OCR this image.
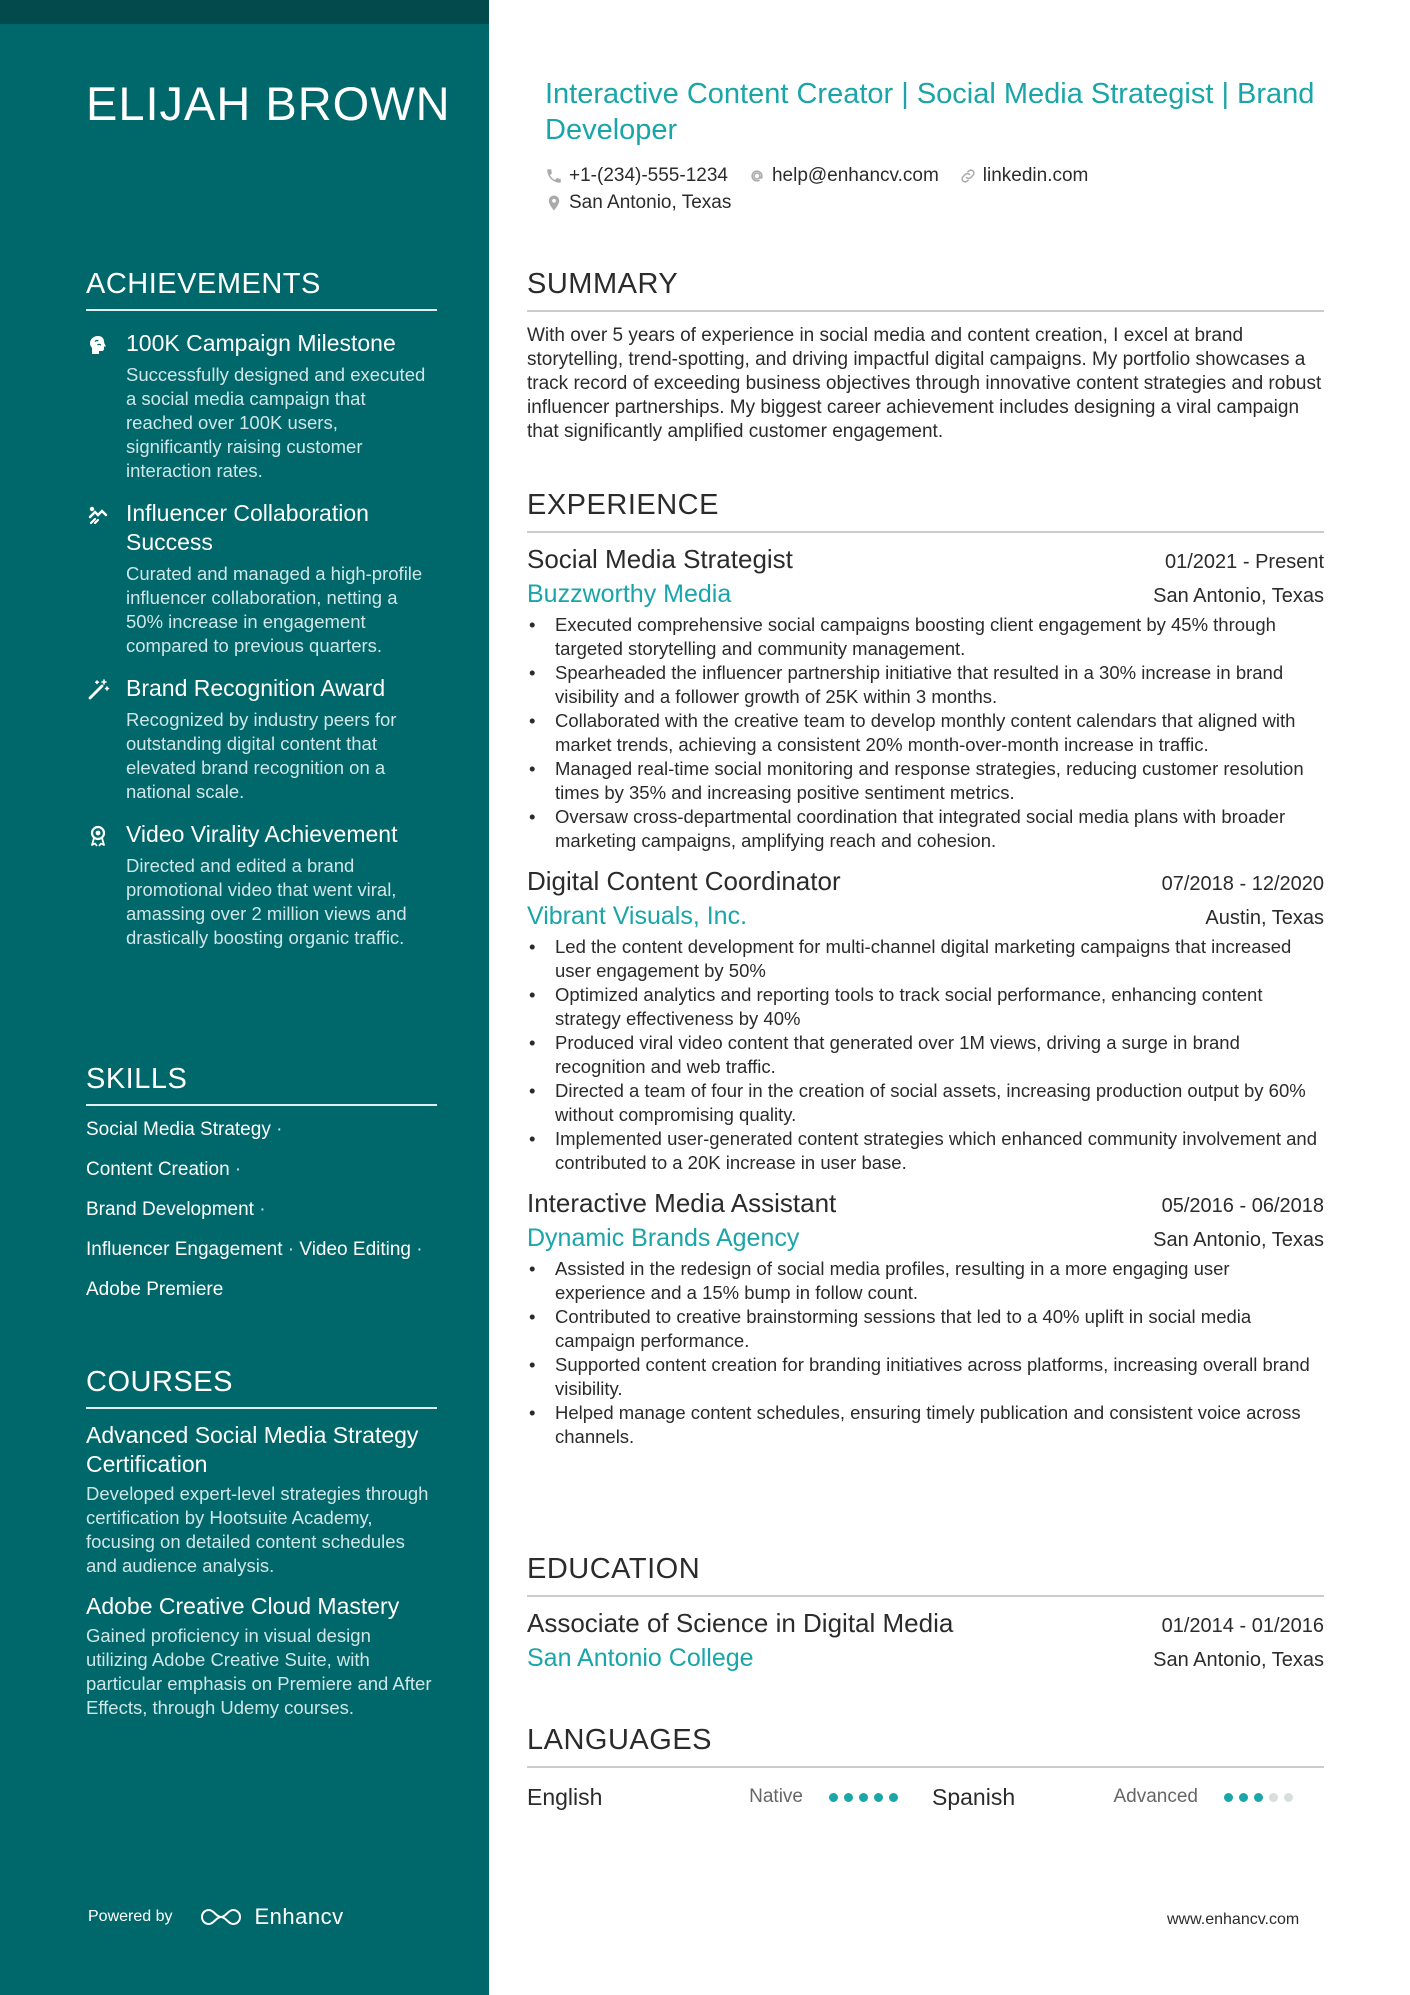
ELIJAH BROWN
ACHIEVEMENTS
100K Campaign Milestone
Successfully designed and executed a social media campaign that reached over 100K users, significantly raising customer interaction rates.
Influencer Collaboration Success
Curated and managed a high-profile influencer collaboration, netting a 50% increase in engagement compared to previous quarters.
Brand Recognition Award
Recognized by industry peers for outstanding digital content that elevated brand recognition on a national scale.
Video Virality Achievement
Directed and edited a brand promotional video that went viral, amassing over 2 million views and drastically boosting organic traffic.
SKILLS
Social Media Strategy ·
Content Creation ·
Brand Development ·
Influencer Engagement · Video Editing ·
Adobe Premiere
COURSES
Advanced Social Media Strategy Certification
Developed expert-level strategies through certification by Hootsuite Academy, focusing on detailed content schedules and audience analysis.
Adobe Creative Cloud Mastery
Gained proficiency in visual design utilizing Adobe Creative Suite, with particular emphasis on Premiere and After Effects, through Udemy courses.
Powered by	Enhancv
Interactive Content Creator | Social Media Strategist | Brand Developer
+1-(234)-555-1234 help@enhancv.com linkedin.com
San Antonio, Texas
SUMMARY
With over 5 years of experience in social media and content creation, I excel at brand storytelling, trend-spotting, and driving impactful digital campaigns. My portfolio showcases a track record of exceeding business objectives through innovative content strategies and robust influencer partnerships. My biggest career achievement includes designing a viral campaign that significantly amplified customer engagement.
EXPERIENCE
Social Media Strategist	01/2021 - Present
Buzzworthy Media	San Antonio, Texas
• Executed comprehensive social campaigns boosting client engagement by 45% through targeted storytelling and community management.
• Spearheaded the influencer partnership initiative that resulted in a 30% increase in brand visibility and a follower growth of 25K within 3 months.
• Collaborated with the creative team to develop monthly content calendars that aligned with market trends, achieving a consistent 20% month-over-month increase in traffic.
• Managed real-time social monitoring and response strategies, reducing customer resolution times by 35% and increasing positive sentiment metrics.
• Oversaw cross-departmental coordination that integrated social media plans with broader marketing campaigns, amplifying reach and cohesion.
Digital Content Coordinator	07/2018 - 12/2020
Vibrant Visuals, Inc.	Austin, Texas
• Led the content development for multi-channel digital marketing campaigns that increased user engagement by 50%
• Optimized analytics and reporting tools to track social performance, enhancing content strategy effectiveness by 40%
• Produced viral video content that generated over 1M views, driving a surge in brand recognition and web traffic.
• Directed a team of four in the creation of social assets, increasing production output by 60% without compromising quality.
• Implemented user-generated content strategies which enhanced community involvement and contributed to a 20K increase in user base.
Interactive Media Assistant	05/2016 - 06/2018
Dynamic Brands Agency	San Antonio, Texas
• Assisted in the redesign of social media profiles, resulting in a more engaging user experience and a 15% bump in follow count.
• Contributed to creative brainstorming sessions that led to a 40% uplift in social media campaign performance.
• Supported content creation for branding initiatives across platforms, increasing overall brand visibility.
• Helped manage content schedules, ensuring timely publication and consistent voice across channels.
EDUCATION
Associate of Science in Digital Media	01/2014 - 01/2016
San Antonio College	San Antonio, Texas
LANGUAGES
English	Native	Spanish	Advanced
www.enhancv.com
